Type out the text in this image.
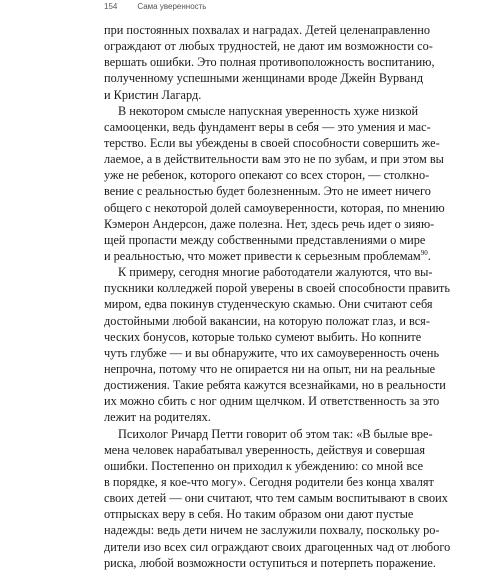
154	Сама уверенность
при постоянных похвалах и наградах. Детей целенаправленно
ограждают от любых трудностей, не дают им возможности со-
вершать ошибки. Это полная противоположность воспитанию,
полученному успешными женщинами вроде Джейн Вурванд
и Кристин Лагард.
В некотором смысле напускная уверенность хуже низкой
самооценки, ведь фундамент веры в себя — это умения и мас-
терство. Если вы убеждены в своей способности совершить же-
лаемое, а в действительности вам это не по зубам, и при этом вы
уже не ребенок, которого опекают со всех сторон, — столкно-
вение с реальностью будет болезненным. Это не имеет ничего
общего с некоторой долей самоуверенности, которая, по мнению
Кэмерон Андерсон, даже полезна. Нет, здесь речь идет о зияю-
щей пропасти между собственными представлениями о мире
и реальностью, что может привести к серьезным проблемам$^{90}$.
К примеру, сегодня многие работодатели жалуются, что вы-
пускники колледжей порой уверены в своей способности править
миром, едва покинув студенческую скамью. Они считают себя
достойными любой вакансии, на которую положат глаз, и вся-
ческих бонусов, которые только сумеют выбить. Но копните
чуть глубже — и вы обнаружите, что их самоуверенность очень
непрочна, потому что не опирается ни на опыт, ни на реальные
достижения. Такие ребята кажутся всезнайками, но в реальности
их можно сбить с ног одним щелчком. И ответственность за это
лежит на родителях.
Психолог Ричард Петти говорит об этом так: «В былые вре-
мена человек нарабатывал уверенность, действуя и совершая
ошибки. Постепенно он приходил к убеждению: со мной все
в порядке, я кое-что могу». Сегодня родители без конца хвалят
своих детей — они считают, что тем самым воспитывают в своих
отпрысках веру в себя. Но таким образом они дают пустые
надежды: ведь дети ничем не заслужили похвалу, поскольку ро-
дители изо всех сил ограждают своих драгоценных чад от любого
риска, любой возможности оступиться и потерпеть поражение.
